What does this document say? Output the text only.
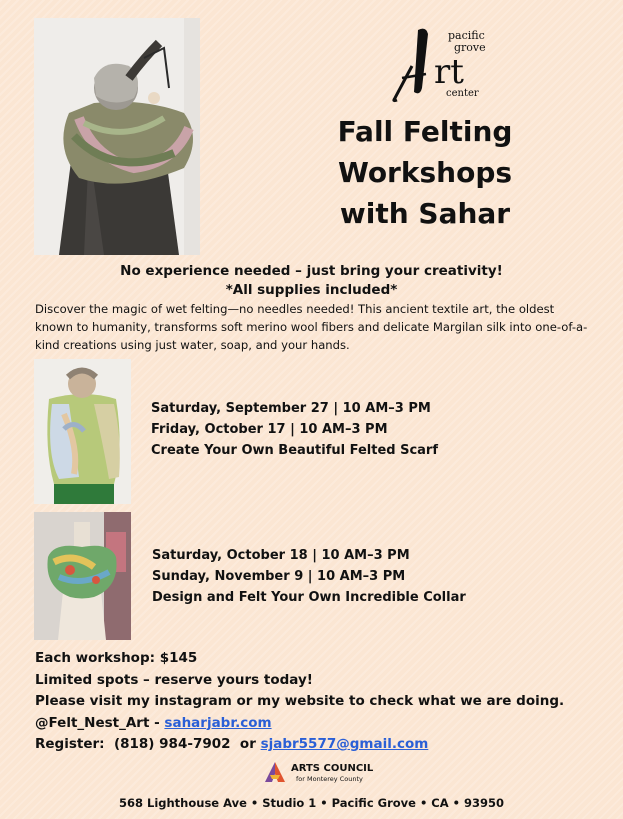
pacific
grove
rt
center
Fall Felting
Workshops
with Sahar
No experience needed – just bring your creativity!
*All supplies included*
Discover the magic of wet felting—no needles needed! This ancient textile art, the oldest known to humanity, transforms soft merino wool fibers and delicate Margilan silk into one-of-a-kind creations using just water, soap, and your hands.
Saturday, September 27 | 10 AM–3 PM
Friday, October 17 | 10 AM–3 PM
Create Your Own Beautiful Felted Scarf
Saturday, October 18 | 10 AM–3 PM
Sunday, November 9 | 10 AM–3 PM
Design and Felt Your Own Incredible Collar
Each workshop: $145
Limited spots – reserve yours today!
Please visit my instagram or my website to check what we are doing.
@Felt_Nest_Art - saharjabr.com
Register:  (818) 984-7902  or sjabr5577@gmail.com
ARTS COUNCIL
for Monterey County
568 Lighthouse Ave • Studio 1 • Pacific Grove • CA • 93950
